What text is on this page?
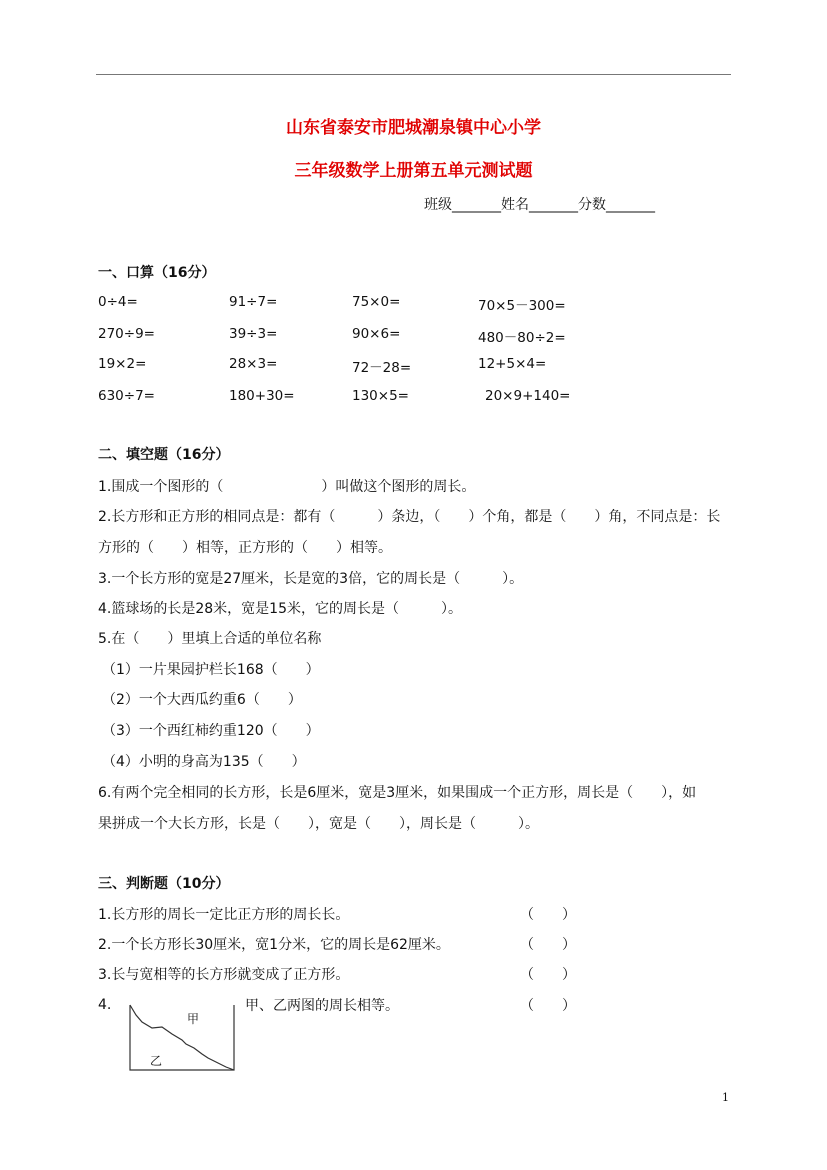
山东省泰安市肥城潮泉镇中心小学
三年级数学上册第五单元测试题
班级_______姓名_______分数_______
一、口算（16分）
0÷4=	91÷7=	75×0=	70×5－300=
270÷9=	39÷3=	90×6=	480－80÷2=
19×2=	28×3=	72－28=	12+5×4=
630÷7=	180+30=	130×5=	20×9+140=
二、填空题（16分）
1.围成一个图形的（　　　　　　　）叫做这个图形的周长。
2.长方形和正方形的相同点是：都有（　　　）条边，（　　）个角，都是（　　）角，不同点是：长
方形的（　　）相等，正方形的（　　）相等。
3.一个长方形的宽是27厘米，长是宽的3倍，它的周长是（　　　）。
4.篮球场的长是28米，宽是15米，它的周长是（　　　）。
5.在（　　）里填上合适的单位名称
（1）一片果园护栏长168（　　）
（2）一个大西瓜约重6（　　）
（3）一个西红柿约重120（　　）
（4）小明的身高为135（　　）
6.有两个完全相同的长方形，长是6厘米，宽是3厘米，如果围成一个正方形，周长是（　　），如
果拼成一个大长方形，长是（　　），宽是（　　），周长是（　　　）。
三、判断题（10分）
1.长方形的周长一定比正方形的周长长。	（　　）
2.一个长方形长30厘米，宽1分米，它的周长是62厘米。	（　　）
3.长与宽相等的长方形就变成了正方形。	（　　）
4.	甲、乙两图的周长相等。	（　　）
甲
乙
1
